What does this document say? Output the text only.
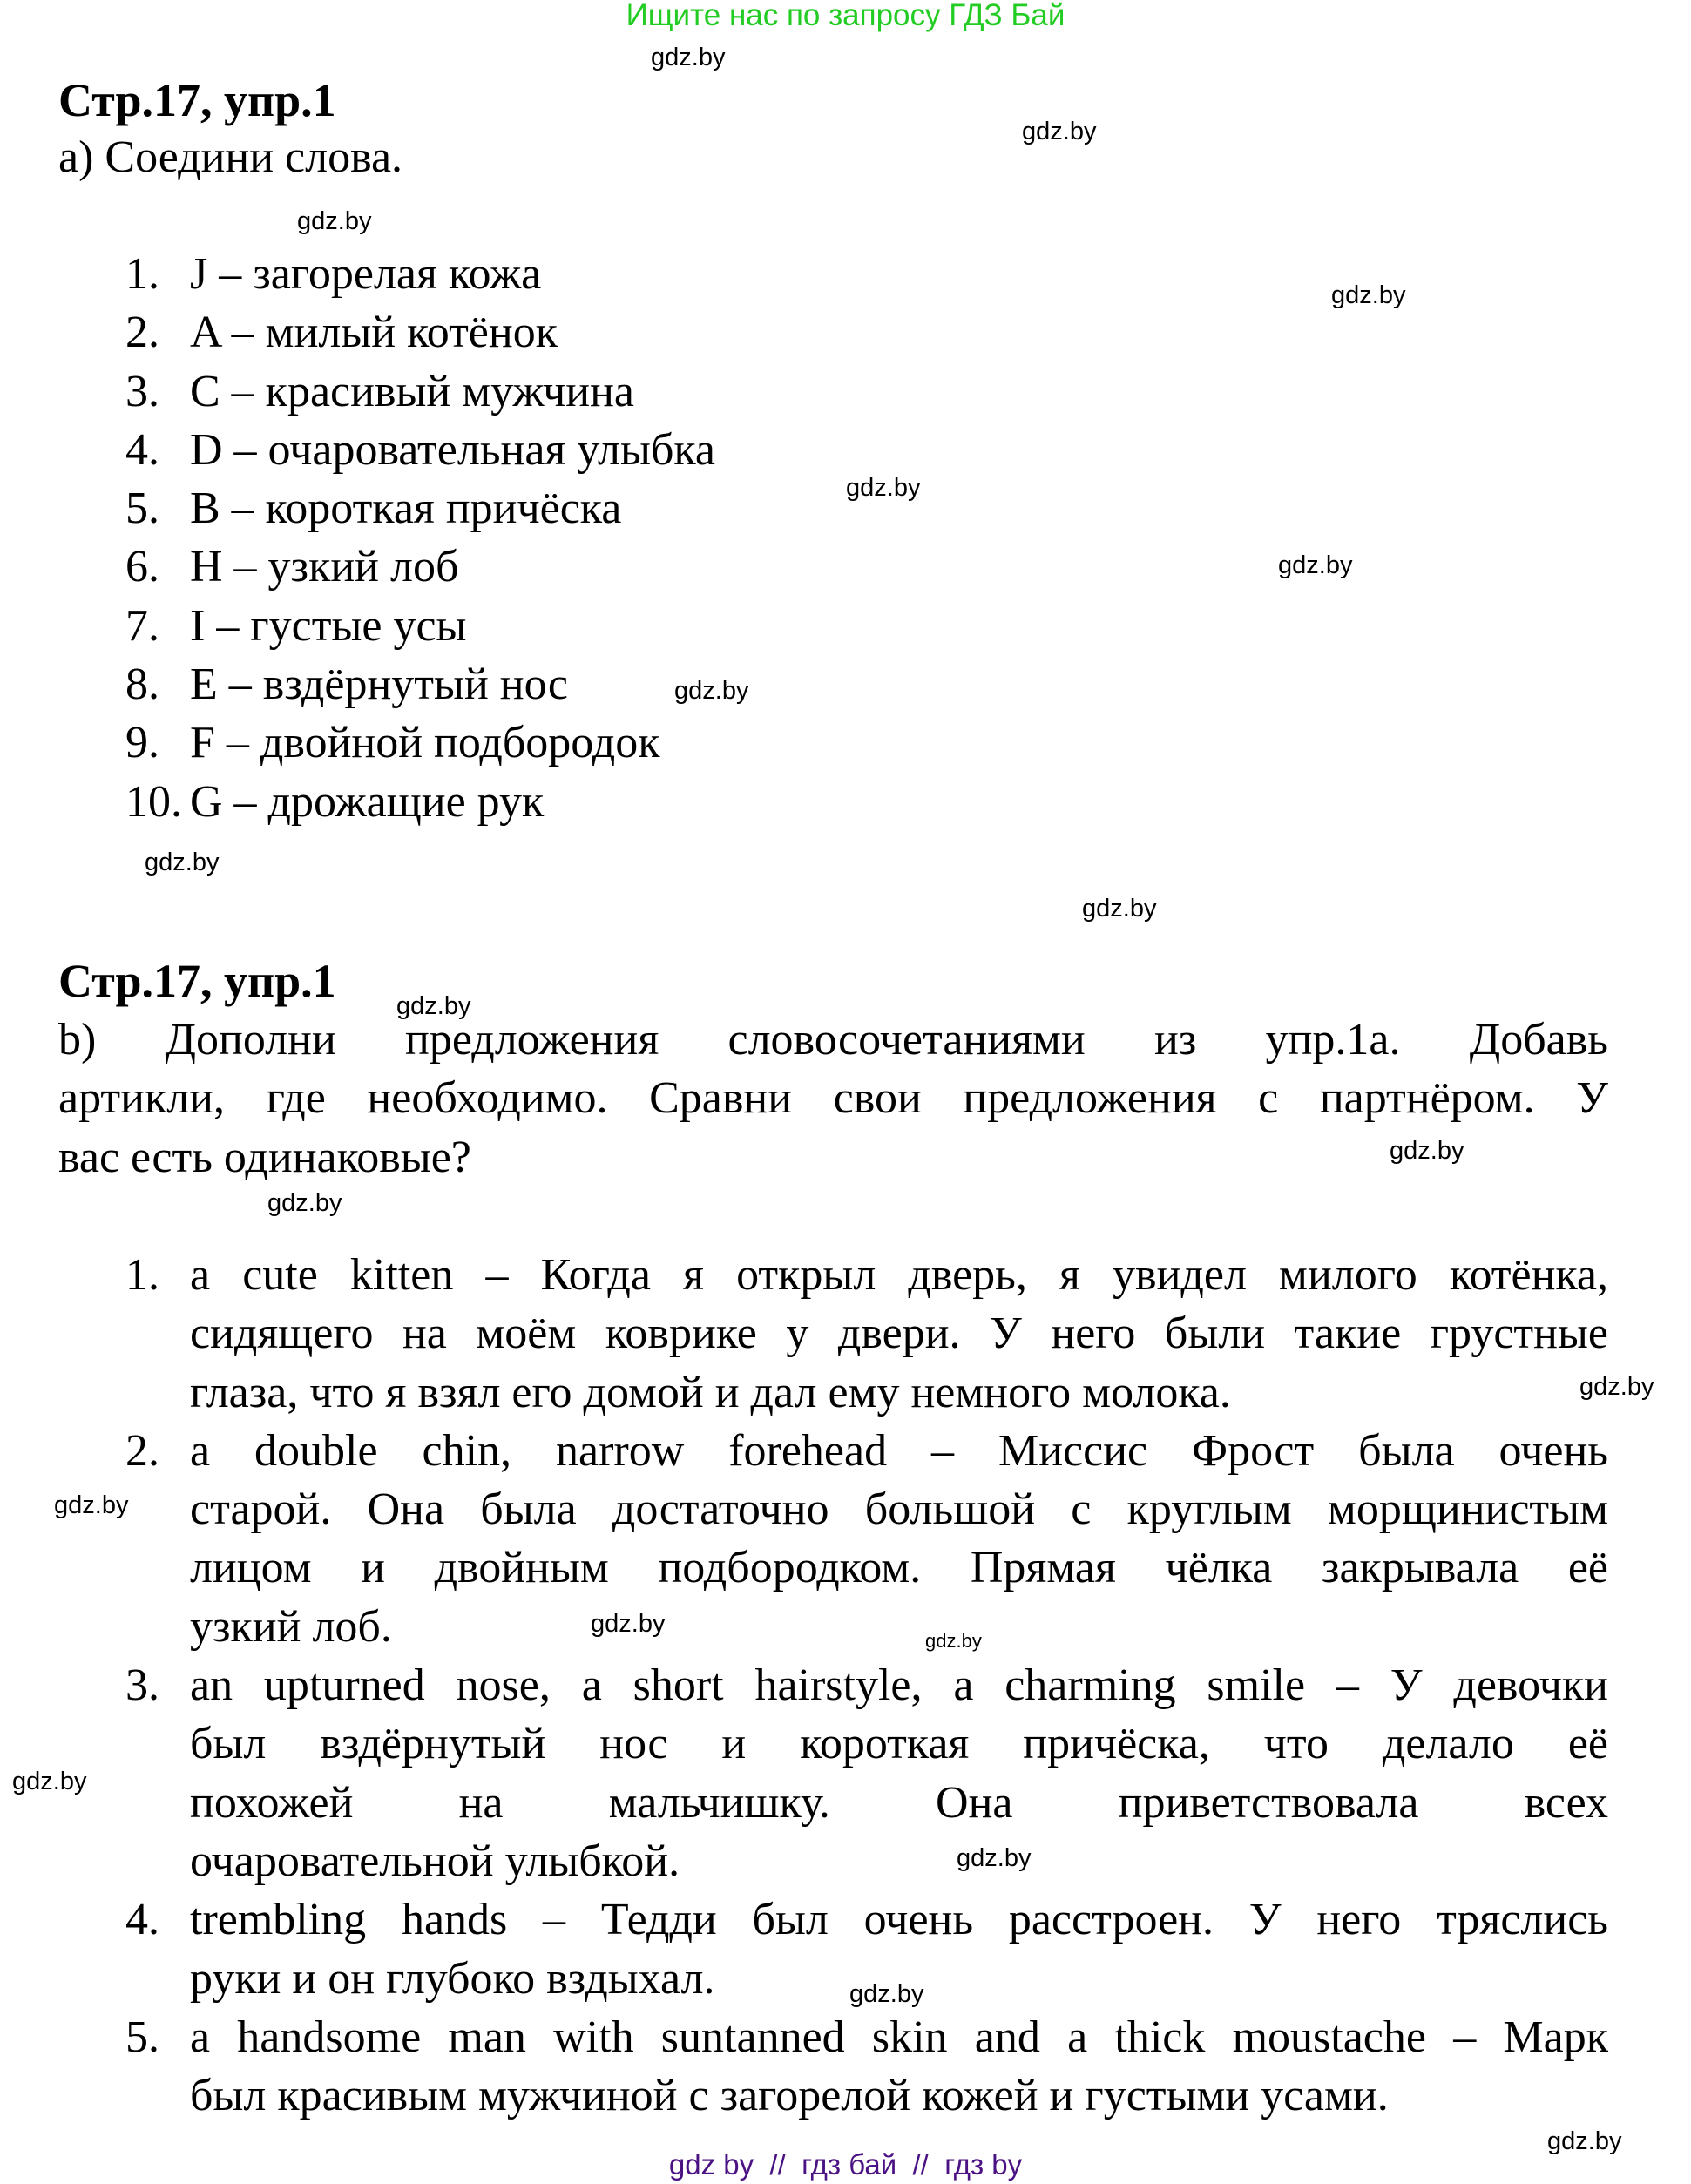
Ищите нас по запросу ГДЗ Бай
Стр.17, упр.1
а) Соедини слова.
1. J – загорелая кожа
2. A – милый котёнок
3. C – красивый мужчина
4. D – очаровательная улыбка
5. B – короткая причёска
6. H – узкий лоб
7. I – густые усы
8. E – вздёрнутый нос
9. F – двойной подбородок
10. G – дрожащие рук
Стр.17, упр.1
b) Дополни предложения словосочетаниями из упр.1а. Добавь
артикли, где необходимо. Сравни свои предложения с партнёром. У
вас есть одинаковые?
1. a cute kitten – Когда я открыл дверь, я увидел милого котёнка,
сидящего на моём коврике у двери. У него были такие грустные
глаза, что я взял его домой и дал ему немного молока.
2. a double chin, narrow forehead – Миссис Фрост была очень
старой. Она была достаточно большой с круглым морщинистым
лицом и двойным подбородком. Прямая чёлка закрывала её
узкий лоб.
3. an upturned nose, a short hairstyle, a charming smile – У девочки
был вздёрнутый нос и короткая причёска, что делало её
похожей на мальчишку. Она приветствовала всех
очаровательной улыбкой.
4. trembling hands – Тедди был очень расстроен. У него тряслись
руки и он глубоко вздыхал.
5. a handsome man with suntanned skin and a thick moustache – Марк
был красивым мужчиной с загорелой кожей и густыми усами.
gdz.by
gdz.by
gdz.by
gdz.by
gdz.by
gdz.by
gdz.by
gdz.by
gdz.by
gdz.by
gdz.by
gdz.by
gdz.by
gdz.by
gdz.by
gdz.by
gdz.by
gdz.by
gdz.by
gdz.by
gdz by // гдз бай // гдз by
